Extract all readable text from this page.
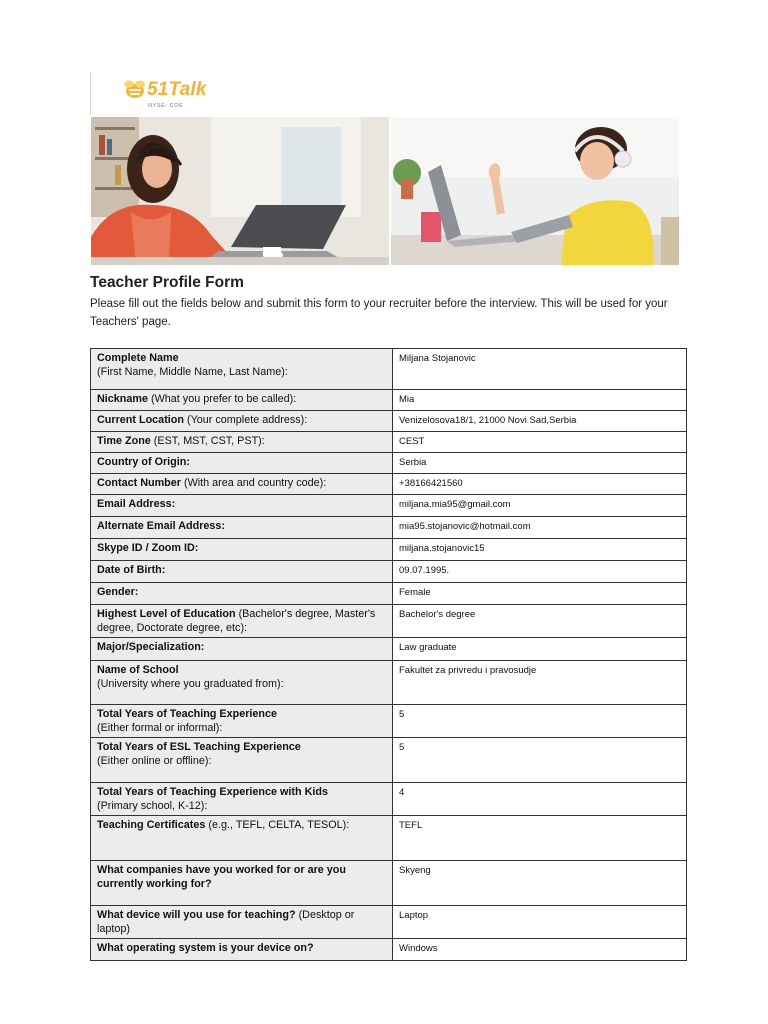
51Talk
NYSE: COE
Teacher Profile Form
Please fill out the fields below and submit this form to your recruiter before the interview. This will be used for your Teachers' page.
Complete Name
(First Name, Middle Name, Last Name):	Miljana Stojanovic
Nickname (What you prefer to be called):	Mia
Current Location (Your complete address):	Venizelosova18/1, 21000 Novi Sad,Serbia
Time Zone (EST, MST, CST, PST):	CEST
Country of Origin:	Serbia
Contact Number (With area and country code):	+38166421560
Email Address:	miljana.mia95@gmail.com
Alternate Email Address:	mia95.stojanovic@hotmail.com
Skype ID / Zoom ID:	miljana.stojanovic15
Date of Birth:	09.07.1995.
Gender:	Female
Highest Level of Education (Bachelor's degree, Master's degree, Doctorate degree, etc):	Bachelor's degree
Major/Specialization:	Law graduate
Name of School
(University where you graduated from):	Fakultet za privredu i pravosudje
Total Years of Teaching Experience
(Either formal or informal):	5
Total Years of ESL Teaching Experience
(Either online or offline):	5
Total Years of Teaching Experience with Kids
(Primary school, K-12):	4
Teaching Certificates (e.g., TEFL, CELTA, TESOL):	TEFL
What companies have you worked for or are you currently working for?	Skyeng
What device will you use for teaching? (Desktop or laptop)	Laptop
What operating system is your device on?	Windows
